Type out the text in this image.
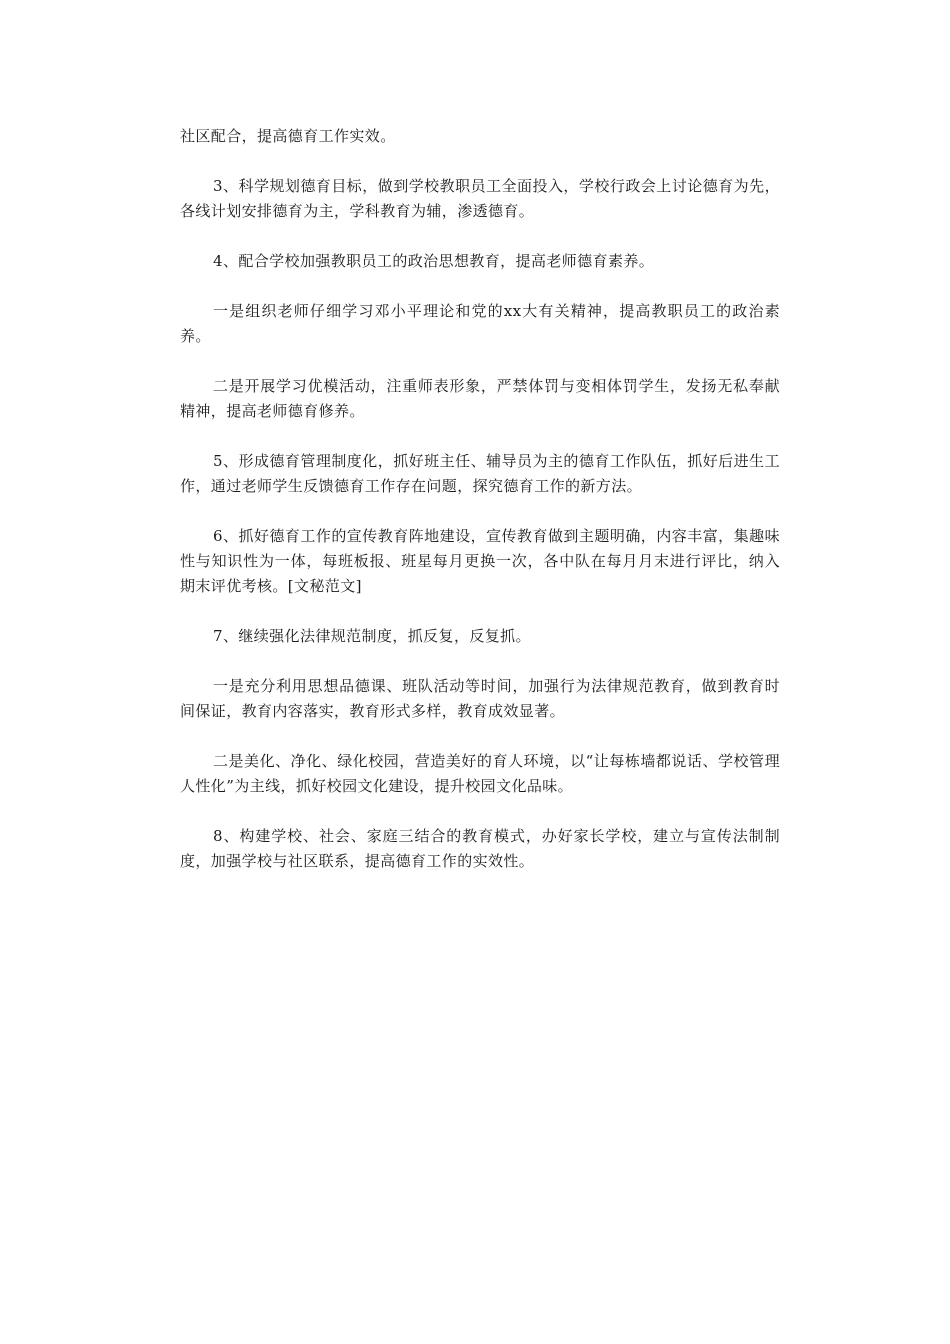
社区配合，提高德育工作实效。

3、科学规划德育目标，做到学校教职员工全面投入，学校行政会上讨论德育为先，各线计划安排德育为主，学科教育为辅，渗透德育。

4、配合学校加强教职员工的政治思想教育，提高老师德育素养。

一是组织老师仔细学习邓小平理论和党的xx大有关精神，提高教职员工的政治素养。

二是开展学习优模活动，注重师表形象，严禁体罚与变相体罚学生，发扬无私奉献精神，提高老师德育修养。

5、形成德育管理制度化，抓好班主任、辅导员为主的德育工作队伍，抓好后进生工作，通过老师学生反馈德育工作存在问题，探究德育工作的新方法。

6、抓好德育工作的宣传教育阵地建设，宣传教育做到主题明确，内容丰富，集趣味性与知识性为一体，每班板报、班星每月更换一次，各中队在每月月末进行评比，纳入期末评优考核。[文秘范文]

7、继续强化法律规范制度，抓反复，反复抓。

一是充分利用思想品德课、班队活动等时间，加强行为法律规范教育，做到教育时间保证，教育内容落实，教育形式多样，教育成效显著。

二是美化、净化、绿化校园，营造美好的育人环境，以“让每栋墙都说话、学校管理人性化”为主线，抓好校园文化建设，提升校园文化品味。

8、构建学校、社会、家庭三结合的教育模式，办好家长学校，建立与宣传法制制度，加强学校与社区联系，提高德育工作的实效性。
